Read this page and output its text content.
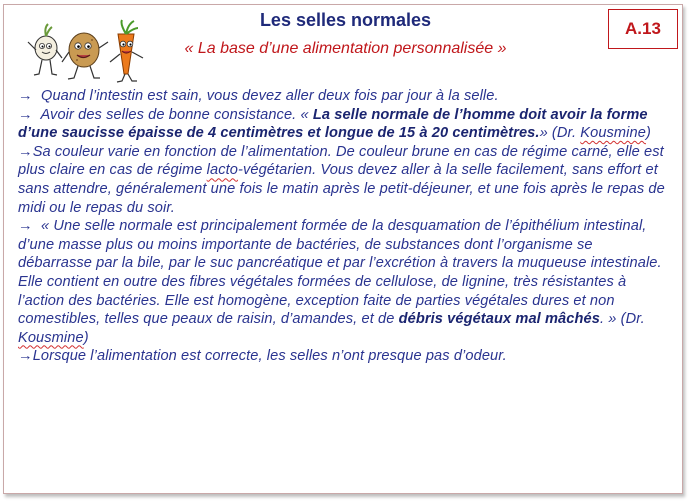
Les selles normales
« La base d’une alimentation personnalisée »
A.13

→ Quand l’intestin est sain, vous devez aller deux fois par jour à la selle.

→ Avoir des selles de bonne consistance. « La selle normale de l’homme doit avoir la forme d’une saucisse épaisse de 4 centimètres et longue de 15 à 20 centimètres.» (Dr. Kousmine)

→Sa couleur varie en fonction de l’alimentation. De couleur brune en cas de régime carné, elle est plus claire en cas de régime lacto-végétarien. Vous devez aller à la selle facilement, sans effort et sans attendre, généralement une fois le matin après le petit-déjeuner, et une fois après le repas de midi ou le repas du soir.

→ « Une selle normale est principalement formée de la desquamation de l’épithélium intestinal, d’une masse plus ou moins importante de bactéries, de substances dont l’organisme se débarrasse par la bile, par le suc pancréatique et par l’excrétion à travers la muqueuse intestinale.

Elle contient en outre des fibres végétales formées de cellulose, de lignine, très résistantes à l’action des bactéries. Elle est homogène, exception faite de parties végétales dures et non comestibles, telles que peaux de raisin, d’amandes, et de débris végétaux mal mâchés. » (Dr. Kousmine)

→Lorsque l’alimentation est correcte, les selles n’ont presque pas d’odeur.
